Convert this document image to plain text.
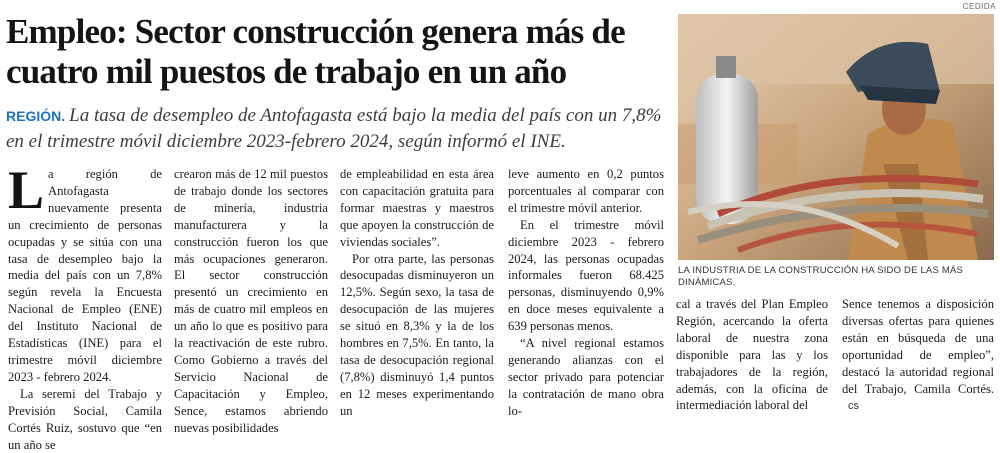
CEDIDA
Empleo: Sector construcción genera más de cuatro mil puestos de trabajo en un año

REGIÓN. La tasa de desempleo de Antofagasta está bajo la media del país con un 7,8% en el trimestre móvil diciembre 2023-febrero 2024, según informó el INE.

L a región de Antofagasta nuevamente presenta un crecimiento de personas ocupadas y se sitúa con una tasa de desempleo bajo la media del país con un 7,8% según revela la Encuesta Nacional de Empleo (ENE) del Instituto Nacional de Estadísticas (INE) para el trimestre móvil diciembre 2023 - febrero 2024.

La seremi del Trabajo y Previsión Social, Camila Cortés Ruiz, sostuvo que “en un año se

crearon más de 12 mil puestos de trabajo donde los sectores de minería, industria manufacturera y la construcción fueron los que más ocupaciones generaron. El sector construcción presentó un crecimiento en más de cuatro mil empleos en un año lo que es positivo para la reactivación de este rubro. Como Gobierno a través del Servicio Nacional de Capacitación y Empleo, Sence, estamos abriendo nuevas posibilidades

de empleabilidad en esta área con capacitación gratuita para formar maestras y maestros que apoyen la construcción de viviendas sociales”.

Por otra parte, las personas desocupadas disminuyeron un 12,5%. Según sexo, la tasa de desocupación de las mujeres se situó en 8,3% y la de los hombres en 7,5%. En tanto, la tasa de desocupación regional (7,8%) disminuyó 1,4 puntos en 12 meses experimentando un

leve aumento en 0,2 puntos porcentuales al comparar con el trimestre móvil anterior.

En el trimestre móvil diciembre 2023 - febrero 2024, las personas ocupadas informales fueron 68.425 personas, disminuyendo 0,9% en doce meses equivalente a 639 personas menos.

“A nivel regional estamos generando alianzas con el sector privado para potenciar la contratación de mano obra lo-

LA INDUSTRIA DE LA CONSTRUCCIÓN HA SIDO DE LAS MÁS DINÁMICAS.

cal a través del Plan Empleo Región, acercando la oferta laboral de nuestra zona disponible para las y los trabajadores de la región, además, con la oficina de intermediación laboral del

Sence tenemos a disposición diversas ofertas para quienes están en búsqueda de una oportunidad de empleo”, destacó la autoridad regional del Trabajo, Camila Cortés.cs
